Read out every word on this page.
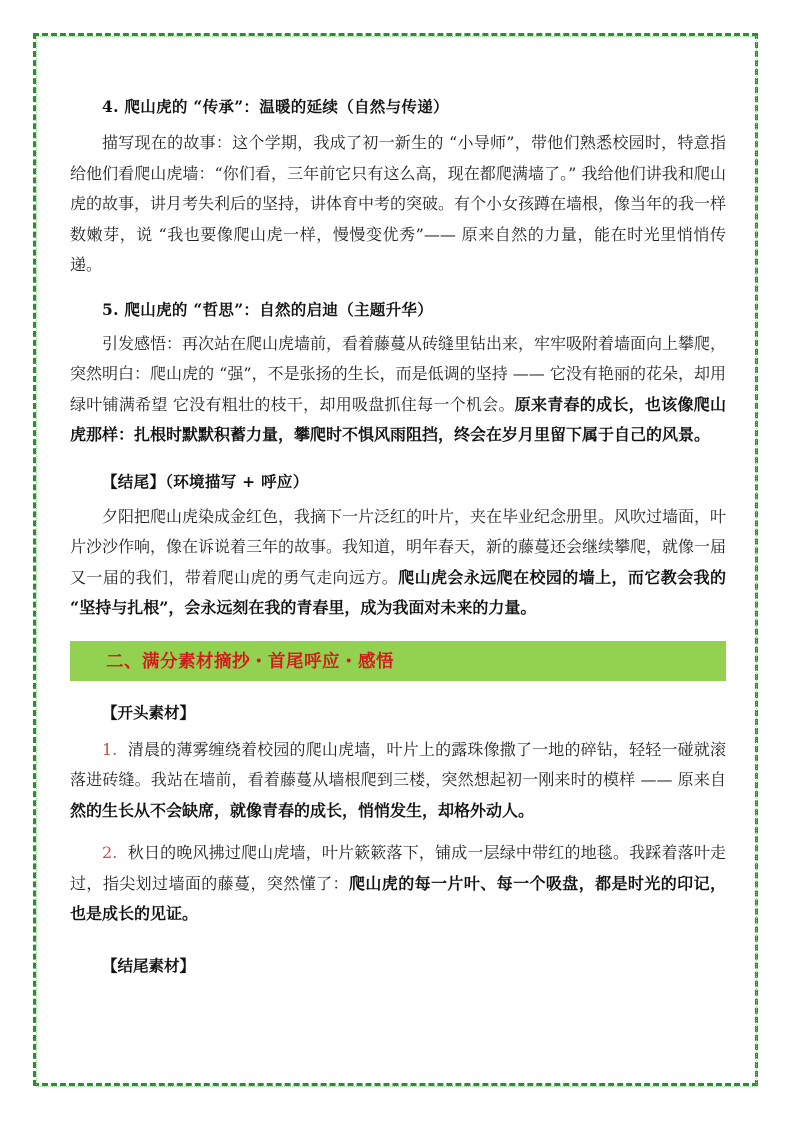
4. 爬山虎的 “传承”：温暖的延续（自然与传递）

描写现在的故事：这个学期，我成了初一新生的 “小导师”，带他们熟悉校园时，特意指给他们看爬山虎墙：“你们看，三年前它只有这么高，现在都爬满墙了。” 我给他们讲我和爬山虎的故事，讲月考失利后的坚持，讲体育中考的突破。有个小女孩蹲在墙根，像当年的我一样数嫩芽，说 “我也要像爬山虎一样，慢慢变优秀”—— 原来自然的力量，能在时光里悄悄传递。

5. 爬山虎的 “哲思”：自然的启迪（主题升华）

引发感悟：再次站在爬山虎墙前，看着藤蔓从砖缝里钻出来，牢牢吸附着墙面向上攀爬，突然明白：爬山虎的 “强”，不是张扬的生长，而是低调的坚持 —— 它没有艳丽的花朵，却用绿叶铺满希望 它没有粗壮的枝干，却用吸盘抓住每一个机会。原来青春的成长，也该像爬山虎那样：扎根时默默积蓄力量，攀爬时不惧风雨阻挡，终会在岁月里留下属于自己的风景。

【结尾】（环境描写 + 呼应）

夕阳把爬山虎染成金红色，我摘下一片泛红的叶片，夹在毕业纪念册里。风吹过墙面，叶片沙沙作响，像在诉说着三年的故事。我知道，明年春天，新的藤蔓还会继续攀爬，就像一届又一届的我们，带着爬山虎的勇气走向远方。爬山虎会永远爬在校园的墙上，而它教会我的 “坚持与扎根”，会永远刻在我的青春里，成为我面对未来的力量。

二、满分素材摘抄・首尾呼应・感悟
【开头素材】

1. 清晨的薄雾缠绕着校园的爬山虎墙，叶片上的露珠像撒了一地的碎钻，轻轻一碰就滚落进砖缝。我站在墙前，看着藤蔓从墙根爬到三楼，突然想起初一刚来时的模样 —— 原来自然的生长从不会缺席，就像青春的成长，悄悄发生，却格外动人。

2. 秋日的晚风拂过爬山虎墙，叶片簌簌落下，铺成一层绿中带红的地毯。我踩着落叶走过，指尖划过墙面的藤蔓，突然懂了：爬山虎的每一片叶、每一个吸盘，都是时光的印记，也是成长的见证。

【结尾素材】
